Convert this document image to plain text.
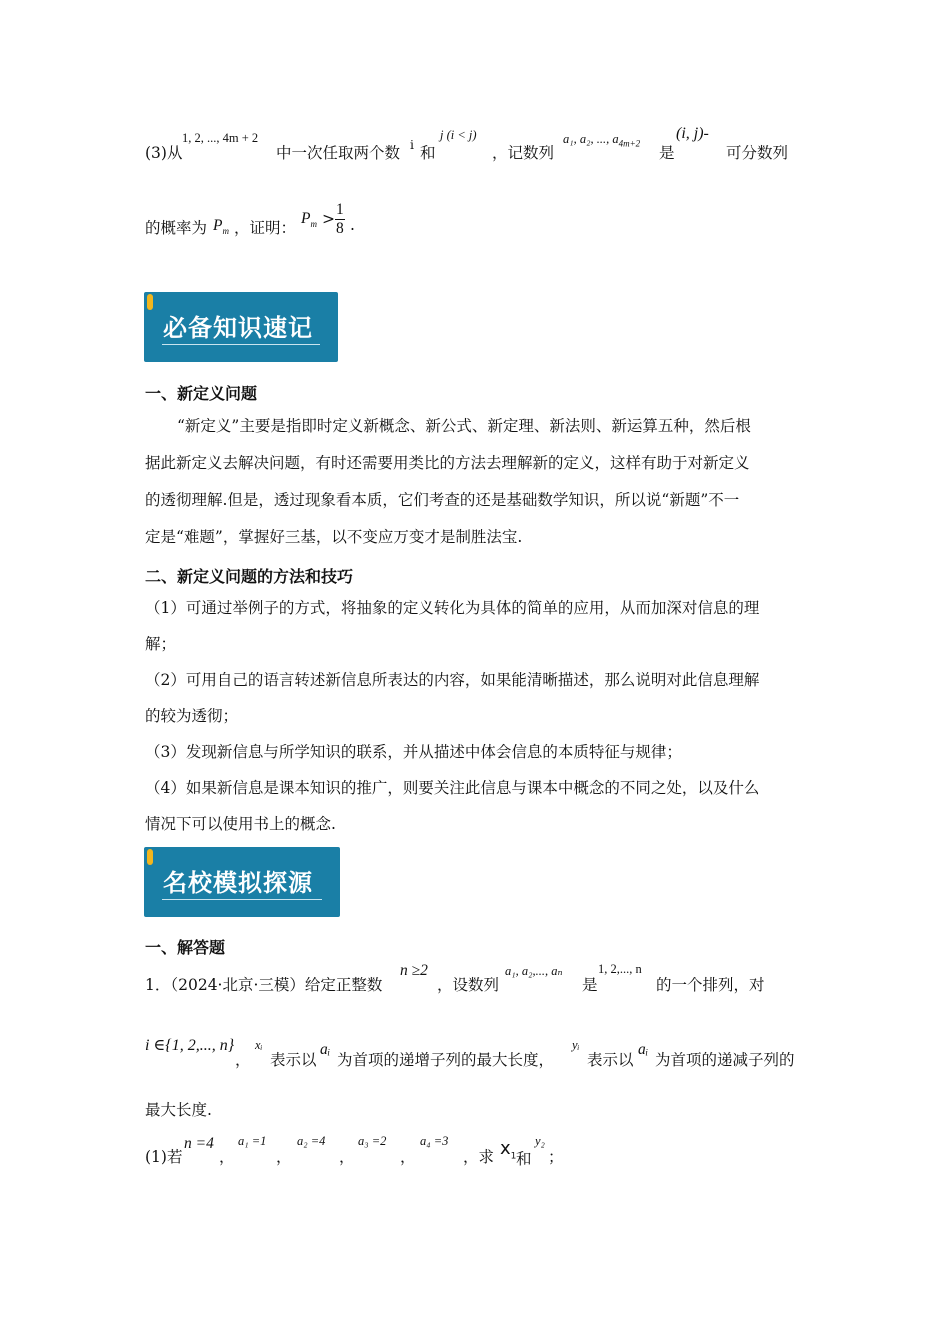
(3)从
1, 2, ..., 4m + 2
中一次任取两个数 i 和
j (i < j)
，记数列
a₁, a₂, ..., $a_{4m+2}$
是
(i, j)-
可分数列
的概率为 $P_m$ ，证明：
$P_m > \frac{1}{8}$ .
必备知识速记
一、新定义问题
“新定义”主要是指即时定义新概念、新公式、新定理、新法则、新运算五种，然后根
据此新定义去解决问题，有时还需要用类比的方法去理解新的定义，这样有助于对新定义
的透彻理解.但是，透过现象看本质，它们考查的还是基础数学知识，所以说“新题”不一
定是“难题”，掌握好三基，以不变应万变才是制胜法宝.
二、新定义问题的方法和技巧
（1）可通过举例子的方式，将抽象的定义转化为具体的简单的应用，从而加深对信息的理
解；
（2）可用自己的语言转述新信息所表达的内容，如果能清晰描述，那么说明对此信息理解
的较为透彻；
（3）发现新信息与所学知识的联系，并从描述中体会信息的本质特征与规律；
（4）如果新信息是课本知识的推广，则要关注此信息与课本中概念的不同之处，以及什么
情况下可以使用书上的概念.
名校模拟探源
一、解答题
1．（2024·北京·三模）给定正整数
n ≥2
，设数列
a₁, a₂,..., aₙ
是
1, 2,..., n
的一个排列，对
i ∈{1, 2,..., n}
，
xᵢ
表示以
aᵢ
为首项的递增子列的最大长度，
yᵢ
表示以
aᵢ
为首项的递减子列的
最大长度.
(1)若
n =4
，
a₁ =1
，
a₂ =4
，
a₃ =2
，
a₄ =3
，求 $x_1$ 和
y₂
；
